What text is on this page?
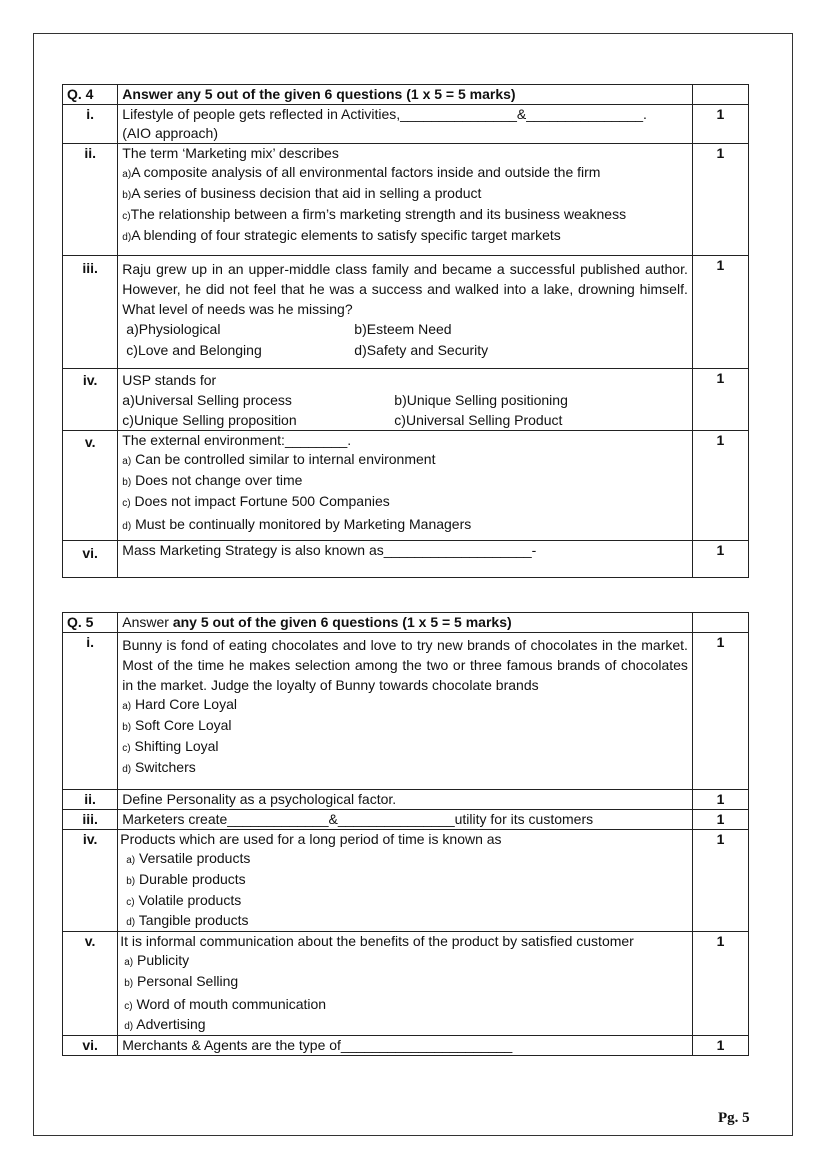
Q. 4	Answer any 5 out of the given 6 questions (1 x 5 = 5 marks)	
i.	Lifestyle of people gets reflected in Activities,_______________&_______________.
(AIO approach)	1
ii.	The term ‘Marketing mix’ describes
a)A composite analysis of all environmental factors inside and outside the firm
b)A series of business decision that aid in selling a product
c)The relationship between a firm’s marketing strength and its business weakness
d)A blending of four strategic elements to satisfy specific target markets	1
iii.	Raju grew up in an upper-middle class family and became a successful published author. However, he did not feel that he was a success and walked into a lake, drowning himself. What level of needs was he missing?
a)Physiological b)Esteem Need
c)Love and Belonging d)Safety and Security	1
iv.	USP stands for
a)Universal Selling process b)Unique Selling positioning
c)Unique Selling proposition c)Universal Selling Product	1
v.	The external environment:________.
a) Can be controlled similar to internal environment
b) Does not change over time
c) Does not impact Fortune 500 Companies
d) Must be continually monitored by Marketing Managers	1
vi.	Mass Marketing Strategy is also known as___________________-	1
Q. 5	Answer any 5 out of the given 6 questions (1 x 5 = 5 marks)	
i.	Bunny is fond of eating chocolates and love to try new brands of chocolates in the market. Most of the time he makes selection among the two or three famous brands of chocolates in the market. Judge the loyalty of Bunny towards chocolate brands
a) Hard Core Loyal
b) Soft Core Loyal
c) Shifting Loyal
d) Switchers	1
ii.	Define Personality as a psychological factor.	1
iii.	Marketers create_____________&_______________utility for its customers	1
iv.	Products which are used for a long period of time is known as
a) Versatile products
b) Durable products
c) Volatile products
d) Tangible products	1
v.	It is informal communication about the benefits of the product by satisfied customer
a) Publicity
b) Personal Selling
c) Word of mouth communication
d) Advertising	1
vi.	Merchants & Agents are the type of______________________	1
Pg. 5
